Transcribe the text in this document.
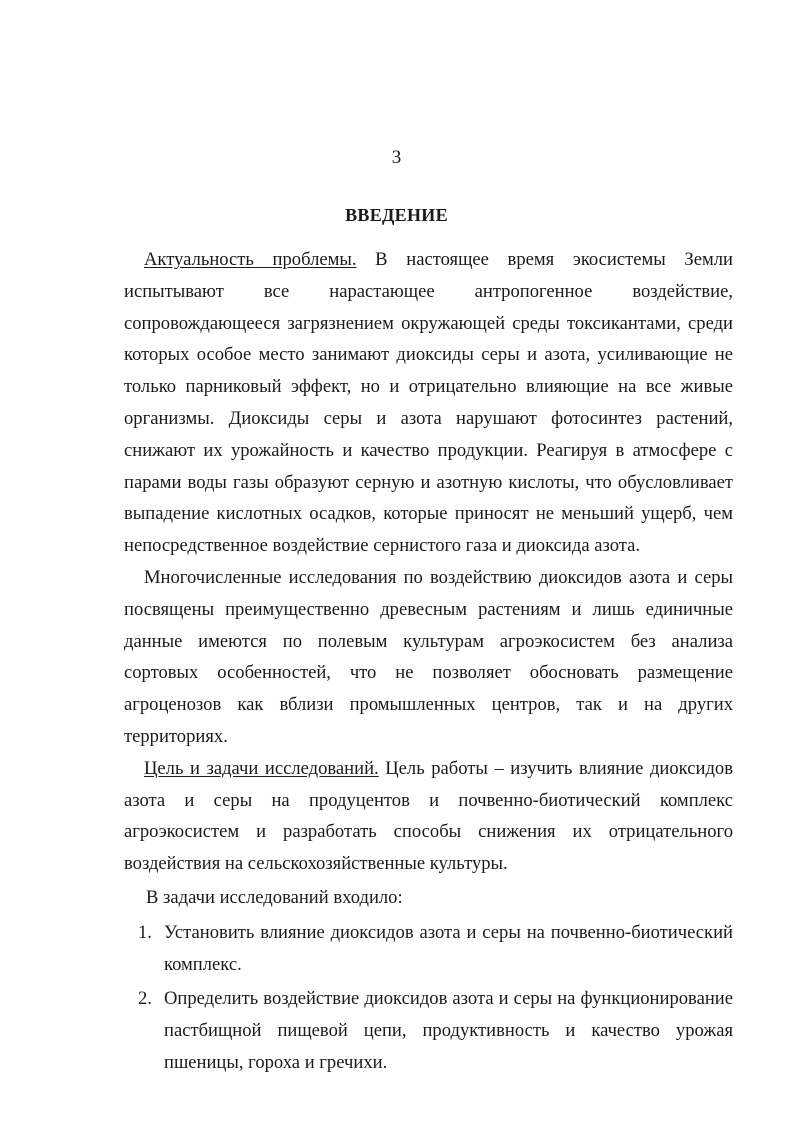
3
ВВЕДЕНИЕ

Актуальность проблемы. В настоящее время экосистемы Земли испытывают все нарастающее антропогенное воздействие, сопровождающееся загрязнением окружающей среды токсикантами, среди которых особое место занимают диоксиды серы и азота, усиливающие не только парниковый эффект, но и отрицательно влияющие на все живые организмы. Диоксиды серы и азота нарушают фотосинтез растений, снижают их урожайность и качество продукции. Реагируя в атмосфере с парами воды газы образуют серную и азотную кислоты, что обусловливает выпадение кислотных осадков, которые приносят не меньший ущерб, чем непосредственное воздействие сернистого газа и диоксида азота.

Многочисленные исследования по воздействию диоксидов азота и серы посвящены преимущественно древесным растениям и лишь единичные данные имеются по полевым культурам агроэкосистем без анализа сортовых особенностей, что не позволяет обосновать размещение агроценозов как вблизи промышленных центров, так и на других территориях.

Цель и задачи исследований. Цель работы – изучить влияние диоксидов азота и серы на продуцентов и почвенно-биотический комплекс агроэкосистем и разработать способы снижения их отрицательного воздействия на сельскохозяйственные культуры.

В задачи исследований входило:

1. Установить влияние диоксидов азота и серы на почвенно-биотический комплекс.
2. Определить воздействие диоксидов азота и серы на функционирование пастбищной пищевой цепи, продуктивность и качество урожая пшеницы, гороха и гречихи.
